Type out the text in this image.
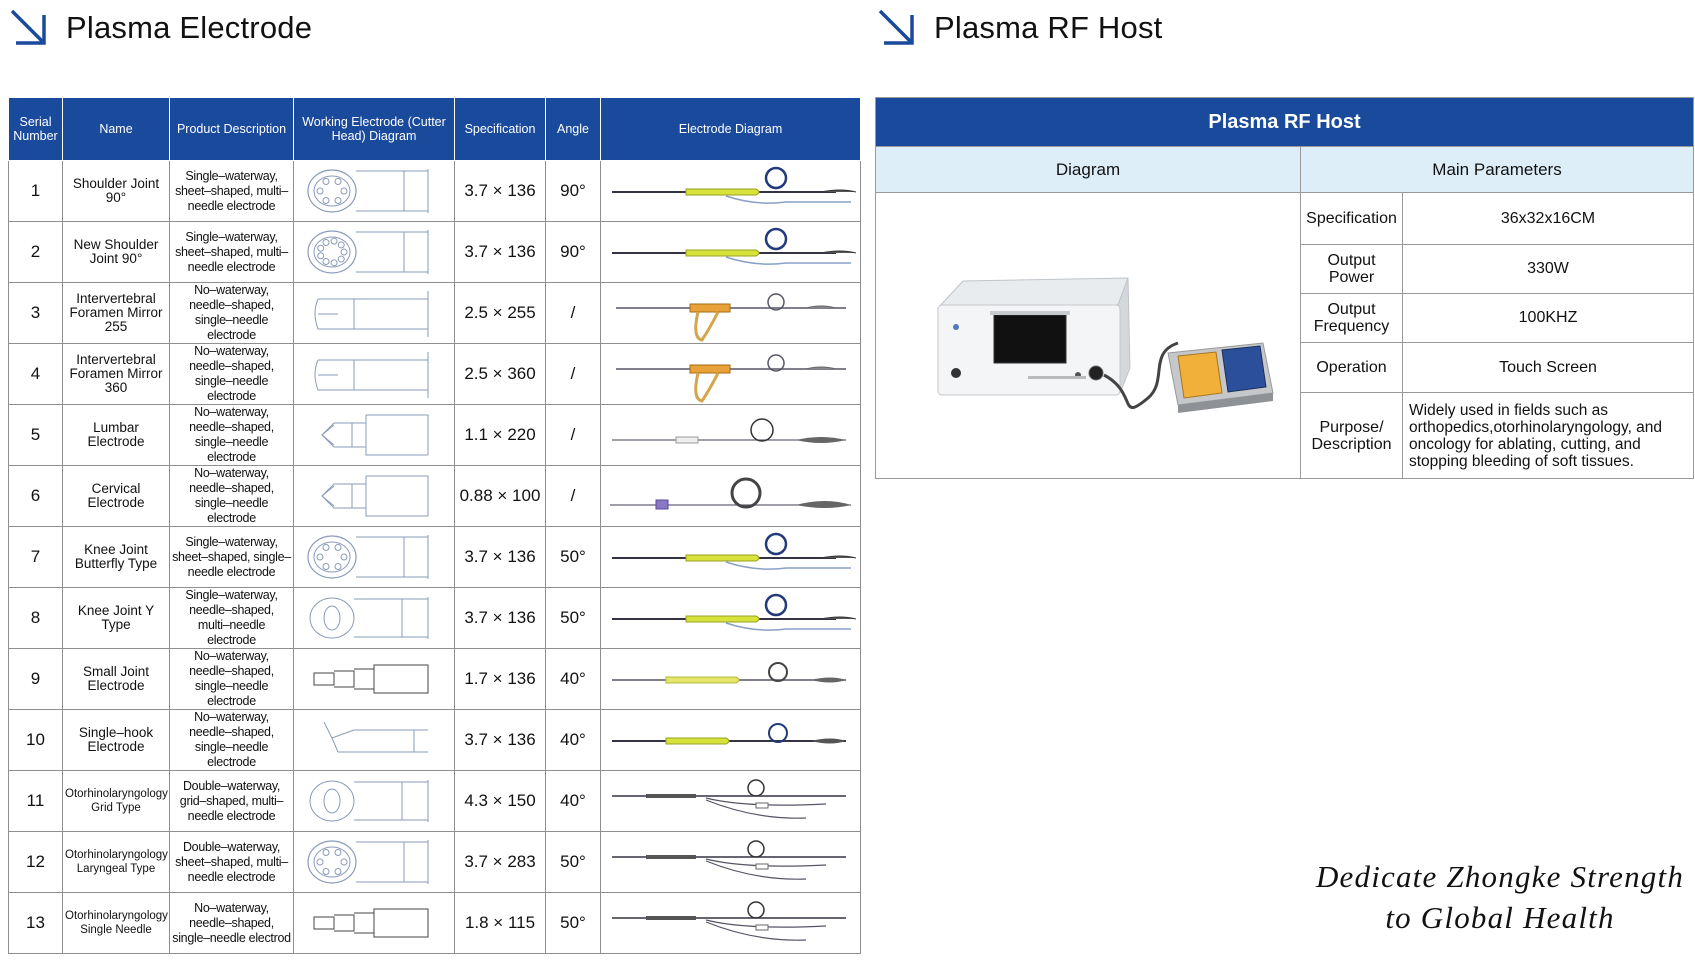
Plasma Electrode	Plasma RF Host
Serial Number	Name	Product Description	Working Electrode (Cutter Head) Diagram	Specification	Angle	Electrode Diagram
1	Shoulder Joint 90°	Single–waterway, sheet–shaped, multi–needle electrode		3.7 × 136	90°	

2	New Shoulder Joint 90°	Single–waterway, sheet–shaped, multi–needle electrode		3.7 × 136	90°	

3	Intervertebral Foramen Mirror 255	No–waterway, needle–shaped, single–needle electrode		2.5 × 255	/	

4	Intervertebral Foramen Mirror 360	No–waterway, needle–shaped, single–needle electrode		2.5 × 360	/	

5	Lumbar Electrode	No–waterway, needle–shaped, single–needle electrode		1.1 × 220	/	

6	Cervical Electrode	No–waterway, needle–shaped, single–needle electrode		0.88 × 100	/	

7	Knee Joint Butterfly Type	Single–waterway, sheet–shaped, single–needle electrode		3.7 × 136	50°	

8	Knee Joint Y Type	Single–waterway, needle–shaped, multi–needle electrode		3.7 × 136	50°	

9	Small Joint Electrode	No–waterway, needle–shaped, single–needle electrode		1.7 × 136	40°	

10	Single–hook Electrode	No–waterway, needle–shaped, single–needle electrode		3.7 × 136	40°	

11	Otorhinolaryngology Grid Type	Double–waterway, grid–shaped, multi–needle electrode		4.3 × 150	40°	

12	Otorhinolaryngology Laryngeal Type	Double–waterway, sheet–shaped, multi–needle electrode		3.7 × 283	50°	

13	Otorhinolaryngology Single Needle	No–waterway, needle–shaped, single–needle electrod		1.8 × 115	50°	
Plasma RF Host		
Diagram	Main Parameters	
	Specification	36x32x16CM
	Output Power	330W
	Output Frequency	100KHZ
	Operation	Touch Screen
	Purpose/ Description	Widely used in fields such as orthopedics,otorhinolaryngology, and oncology for ablating, cutting, and stopping bleeding of soft tissues.
Dedicate Zhongke Strength
to Global Health
